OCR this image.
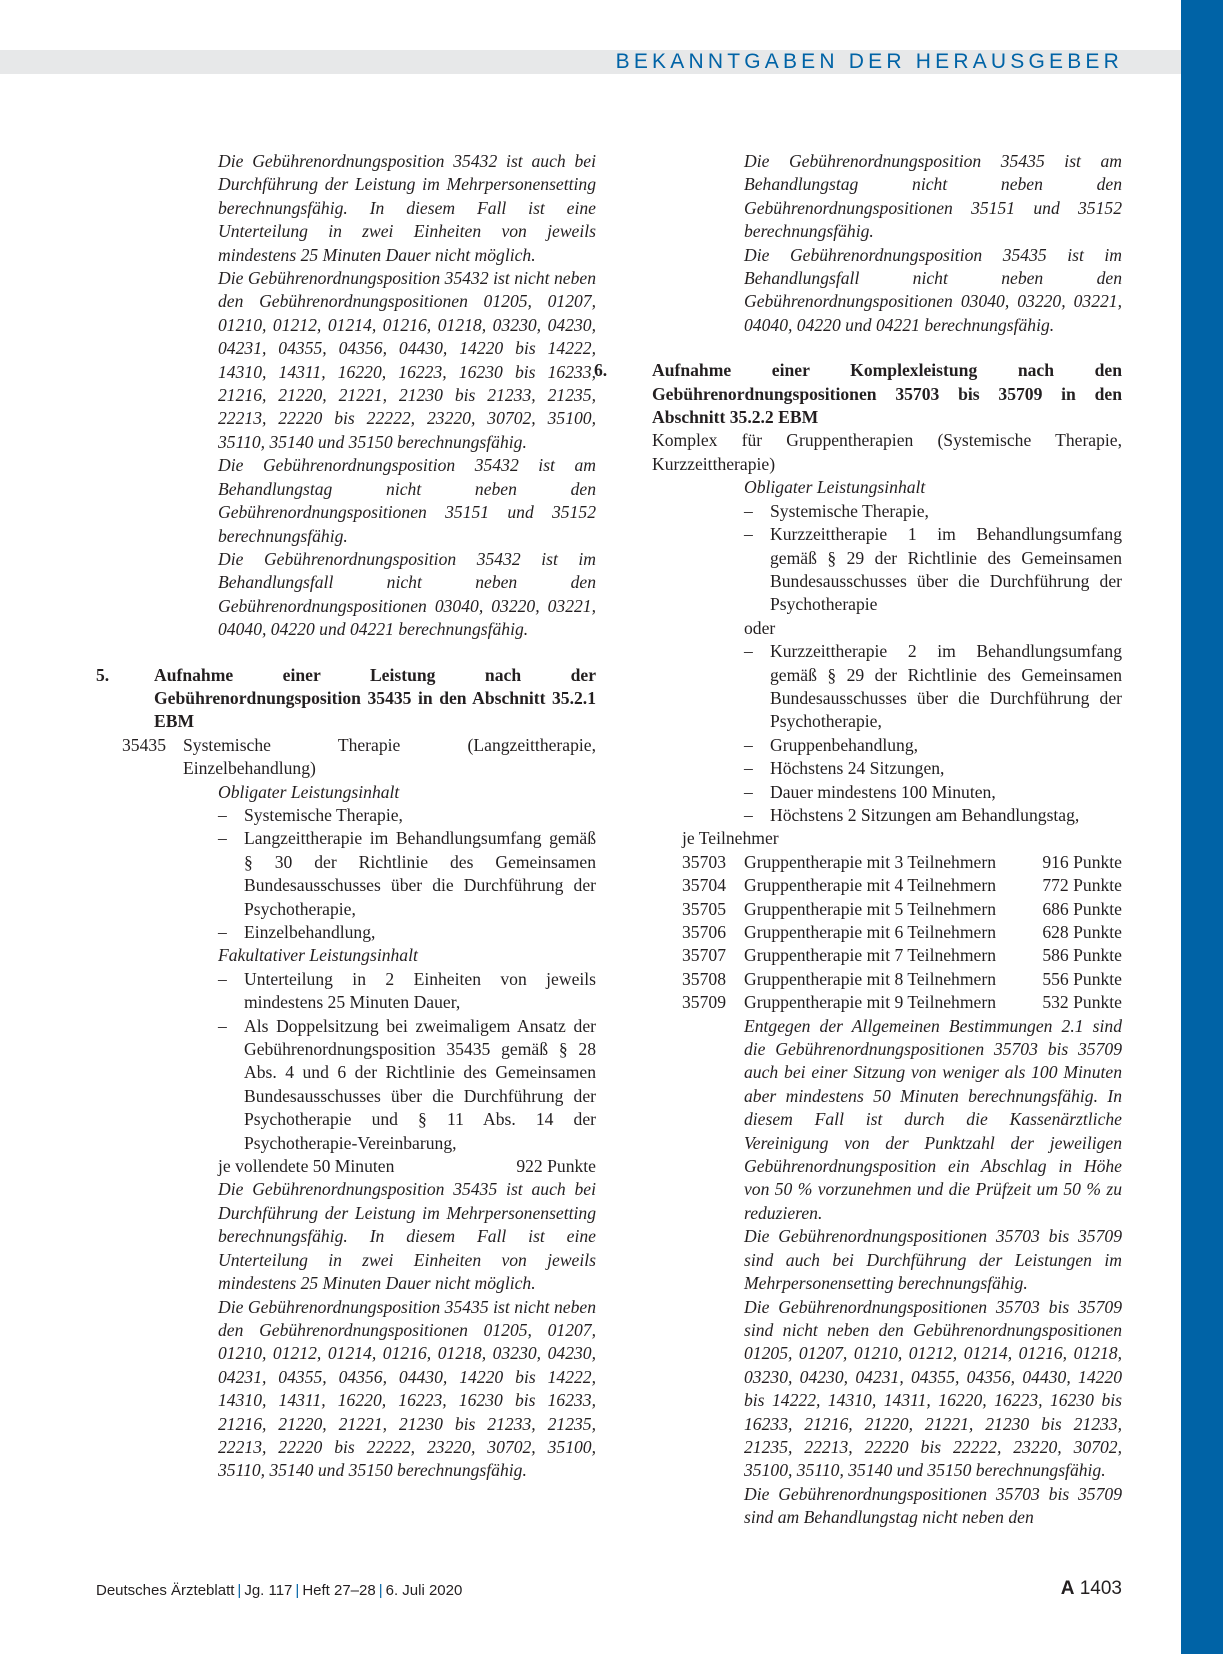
BEKANNTGABEN DER HERAUSGEBER

Die Gebührenordnungsposition 35432 ist auch bei Durchführung der Leistung im Mehrpersonensetting berechnungsfähig. In diesem Fall ist eine Unterteilung in zwei Einheiten von jeweils mindestens 25 Minuten Dauer nicht möglich.

Die Gebührenordnungsposition 35432 ist nicht neben den Gebührenordnungspositionen 01205, 01207, 01210, 01212, 01214, 01216, 01218, 03230, 04230, 04231, 04355, 04356, 04430, 14220 bis 14222, 14310, 14311, 16220, 16223, 16230 bis 16233, 21216, 21220, 21221, 21230 bis 21233, 21235, 22213, 22220 bis 22222, 23220, 30702, 35100, 35110, 35140 und 35150 berechnungsfähig.

Die Gebührenordnungsposition 35432 ist am Behandlungstag nicht neben den Gebührenordnungspositionen 35151 und 35152 berechnungsfähig.

Die Gebührenordnungsposition 35432 ist im Behandlungsfall nicht neben den Gebührenordnungspositionen 03040, 03220, 03221, 04040, 04220 und 04221 berechnungsfähig.

5.	Aufnahme einer Leistung nach der Gebührenordnungsposition 35435 in den Abschnitt 35.2.1 EBM
35435 Systemische Therapie (Langzeittherapie, Einzelbehandlung)

Obligater Leistungsinhalt

– Systemische Therapie,

– Langzeittherapie im Behandlungsumfang gemäß § 30 der Richtlinie des Gemeinsamen Bundesausschusses über die Durchführung der Psychotherapie,

– Einzelbehandlung,

Fakultativer Leistungsinhalt

– Unterteilung in 2 Einheiten von jeweils mindestens 25 Minuten Dauer,

– Als Doppelsitzung bei zweimaligem Ansatz der Gebührenordnungsposition 35435 gemäß § 28 Abs. 4 und 6 der Richtlinie des Gemeinsamen Bundesausschusses über die Durchführung der Psychotherapie und § 11 Abs. 14 der Psychotherapie-Vereinbarung,

je vollendete 50 Minuten	922 Punkte

Die Gebührenordnungsposition 35435 ist auch bei Durchführung der Leistung im Mehrpersonensetting berechnungsfähig. In diesem Fall ist eine Unterteilung in zwei Einheiten von jeweils mindestens 25 Minuten Dauer nicht möglich.

Die Gebührenordnungsposition 35435 ist nicht neben den Gebührenordnungspositionen 01205, 01207, 01210, 01212, 01214, 01216, 01218, 03230, 04230, 04231, 04355, 04356, 04430, 14220 bis 14222, 14310, 14311, 16220, 16223, 16230 bis 16233, 21216, 21220, 21221, 21230 bis 21233, 21235, 22213, 22220 bis 22222, 23220, 30702, 35100, 35110, 35140 und 35150 berechnungsfähig.

Die Gebührenordnungsposition 35435 ist am Behandlungstag nicht neben den Gebührenordnungspositionen 35151 und 35152 berechnungsfähig.

Die Gebührenordnungsposition 35435 ist im Behandlungsfall nicht neben den Gebührenordnungspositionen 03040, 03220, 03221, 04040, 04220 und 04221 berechnungsfähig.

6.	Aufnahme einer Komplexleistung nach den Gebührenordnungspositionen 35703 bis 35709 in den Abschnitt 35.2.2 EBM

Komplex für Gruppentherapien (Systemische Therapie, Kurzzeittherapie)

Obligater Leistungsinhalt

– Systemische Therapie,

– Kurzzeittherapie 1 im Behandlungsumfang gemäß § 29 der Richtlinie des Gemeinsamen Bundesausschusses über die Durchführung der Psychotherapie

oder

– Kurzzeittherapie 2 im Behandlungsumfang gemäß § 29 der Richtlinie des Gemeinsamen Bundesausschusses über die Durchführung der Psychotherapie,

– Gruppenbehandlung,

– Höchstens 24 Sitzungen,

– Dauer mindestens 100 Minuten,

– Höchstens 2 Sitzungen am Behandlungstag,

je Teilnehmer

35703	Gruppentherapie mit 3 Teilnehmern	916 Punkte
35704	Gruppentherapie mit 4 Teilnehmern	772 Punkte
35705	Gruppentherapie mit 5 Teilnehmern	686 Punkte
35706	Gruppentherapie mit 6 Teilnehmern	628 Punkte
35707	Gruppentherapie mit 7 Teilnehmern	586 Punkte
35708	Gruppentherapie mit 8 Teilnehmern	556 Punkte
35709	Gruppentherapie mit 9 Teilnehmern	532 Punkte

Entgegen der Allgemeinen Bestimmungen 2.1 sind die Gebührenordnungspositionen 35703 bis 35709 auch bei einer Sitzung von weniger als 100 Minuten aber mindestens 50 Minuten berechnungsfähig. In diesem Fall ist durch die Kassenärztliche Vereinigung von der Punktzahl der jeweiligen Gebührenordnungsposition ein Abschlag in Höhe von 50 % vorzunehmen und die Prüfzeit um 50 % zu reduzieren.

Die Gebührenordnungspositionen 35703 bis 35709 sind auch bei Durchführung der Leistungen im Mehrpersonensetting berechnungsfähig.

Die Gebührenordnungspositionen 35703 bis 35709 sind nicht neben den Gebührenordnungspositionen 01205, 01207, 01210, 01212, 01214, 01216, 01218, 03230, 04230, 04231, 04355, 04356, 04430, 14220 bis 14222, 14310, 14311, 16220, 16223, 16230 bis 16233, 21216, 21220, 21221, 21230 bis 21233, 21235, 22213, 22220 bis 22222, 23220, 30702, 35100, 35110, 35140 und 35150 berechnungsfähig.

Die Gebührenordnungspositionen 35703 bis 35709 sind am Behandlungstag nicht neben den

Deutsches Ärzteblatt | Jg. 117 | Heft 27–28 | 6. Juli 2020	A 1403
